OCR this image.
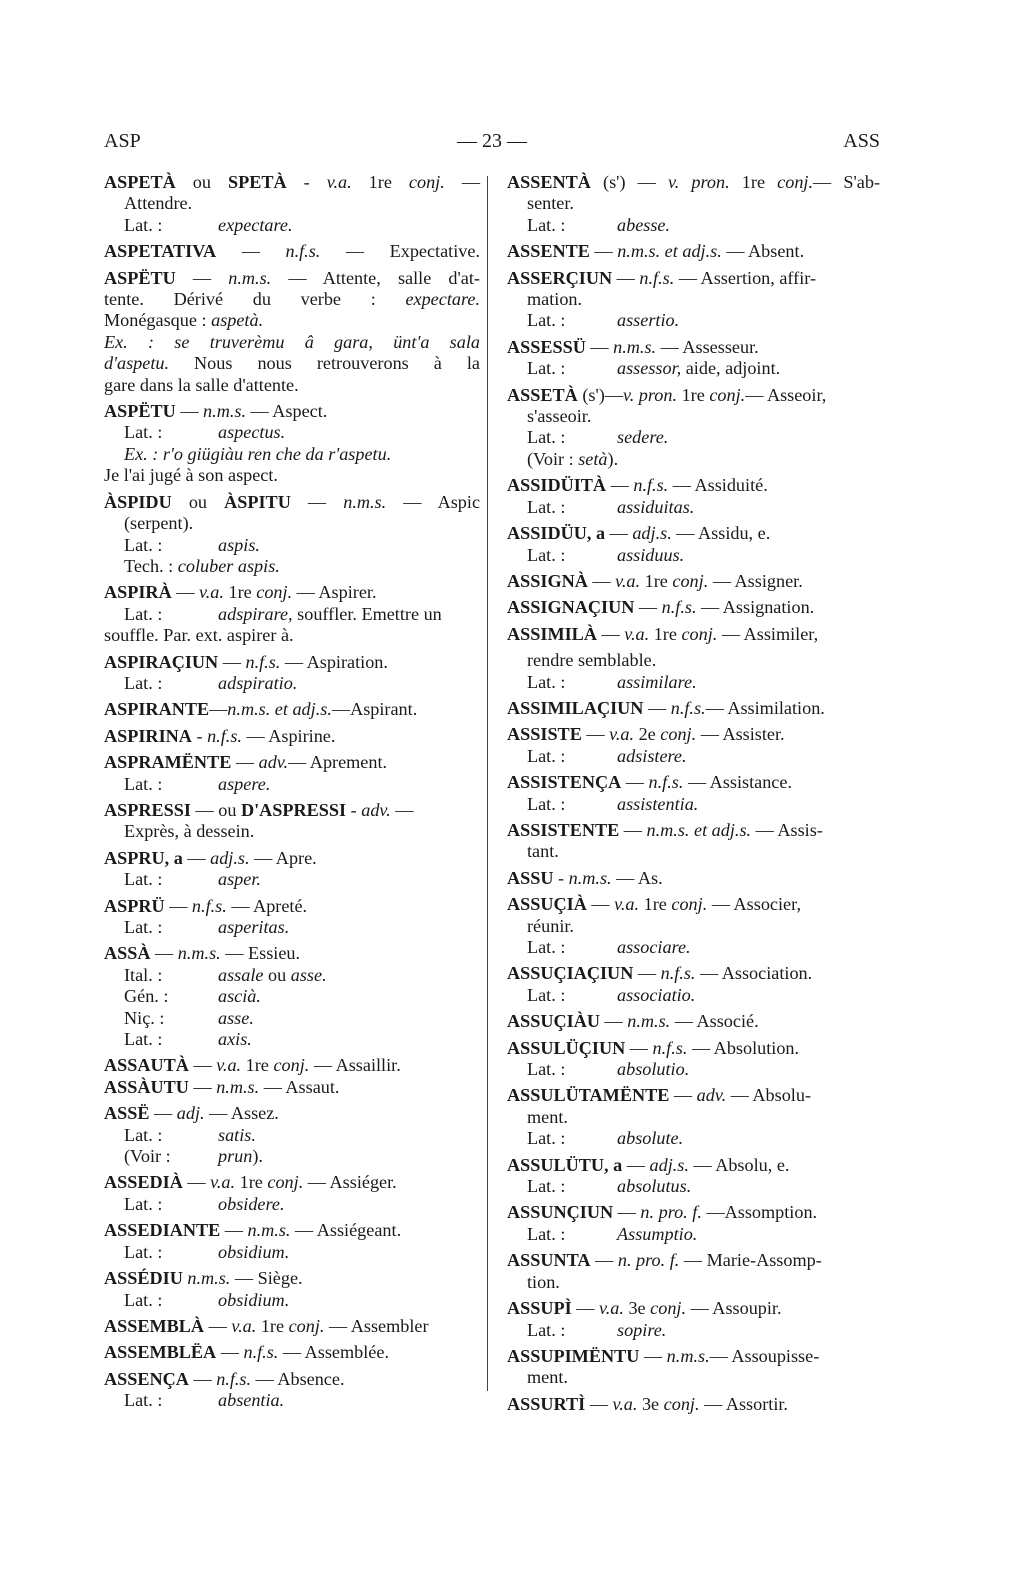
ASP	— 23 —	ASS
ASPETÀ ou SPETÀ - v.a. 1re conj. —
Attendre.
Lat. :	expectare.
ASPETATIVA — n.f.s. — Expectative.
ASPËTU — n.m.s. — Attente, salle d'at-
tente. Dérivé du verbe : expectare.
Monégasque : aspetà.
Ex. : se truverèmu â gara, ünt'a sala
d'aspetu. Nous nous retrouverons à la
gare dans la salle d'attente.
ASPËTU — n.m.s. — Aspect.
Lat. :	aspectus.
Ex. : r'o giügiàu ren che da r'aspetu.
Je l'ai jugé à son aspect.
ÀSPIDU ou ÀSPITU — n.m.s. — Aspic
(serpent).
Lat. :	aspis.
Tech. : coluber aspis.
ASPIRÀ — v.a. 1re conj. — Aspirer.
Lat. :	adspirare, souffler. Emettre un
souffle. Par. ext. aspirer à.
ASPIRAÇIUN — n.f.s. — Aspiration.
Lat. :	adspiratio.
ASPIRANTE—n.m.s. et adj.s.—Aspirant.
ASPIRINA - n.f.s. — Aspirine.
ASPRAMËNTE — adv.— Aprement.
Lat. :	aspere.
ASPRESSI — ou D'ASPRESSI - adv. —
Exprès, à dessein.
ASPRU, a — adj.s. — Apre.
Lat. :	asper.
ASPRÜ — n.f.s. — Apreté.
Lat. :	asperitas.
ASSÀ — n.m.s. — Essieu.
Ital. :	assale ou asse.
Gén. :	ascià.
Niç. :	asse.
Lat. :	axis.
ASSAUTÀ — v.a. 1re conj. — Assaillir.
ASSÀUTU — n.m.s. — Assaut.
ASSË — adj. — Assez.
Lat. :	satis.
(Voir :	prun).
ASSEDIÀ — v.a. 1re conj. — Assiéger.
Lat. :	obsidere.
ASSEDIANTE — n.m.s. — Assiégeant.
Lat. :	obsidium.
ASSÉDIU n.m.s. — Siège.
Lat. :	obsidium.
ASSEMBLÀ — v.a. 1re conj. — Assembler
ASSEMBLËA — n.f.s. — Assemblée.
ASSENÇA — n.f.s. — Absence.
Lat. :	absentia.
ASSENTÀ (s') — v. pron. 1re conj.— S'ab-
senter.
Lat. :	abesse.
ASSENTE — n.m.s. et adj.s. — Absent.
ASSERÇIUN — n.f.s. — Assertion, affir-
mation.
Lat. :	assertio.
ASSESSÜ — n.m.s. — Assesseur.
Lat. :	assessor, aide, adjoint.
ASSETÀ (s')—v. pron. 1re conj.— Asseoir,
s'asseoir.
Lat. :	sedere.
(Voir : setà).
ASSIDÜITÀ — n.f.s. — Assiduité.
Lat. :	assiduitas.
ASSIDÜU, a — adj.s. — Assidu, e.
Lat. :	assiduus.
ASSIGNÀ — v.a. 1re conj. — Assigner.
ASSIGNAÇIUN — n.f.s. — Assignation.
ASSIMILÀ — v.a. 1re conj. — Assimiler,
rendre semblable.
Lat. :	assimilare.
ASSIMILAÇIUN — n.f.s.— Assimilation.
ASSISTE — v.a. 2e conj. — Assister.
Lat. :	adsistere.
ASSISTENÇA — n.f.s. — Assistance.
Lat. :	assistentia.
ASSISTENTE — n.m.s. et adj.s. — Assis-
tant.
ASSU - n.m.s. — As.
ASSUÇIÀ — v.a. 1re conj. — Associer,
réunir.
Lat. :	associare.
ASSUÇIAÇIUN — n.f.s. — Association.
Lat. :	associatio.
ASSUÇIÀU — n.m.s. — Associé.
ASSULÜÇIUN — n.f.s. — Absolution.
Lat. :	absolutio.
ASSULÜTAMËNTE — adv. — Absolu-
ment.
Lat. :	absolute.
ASSULÜTU, a — adj.s. — Absolu, e.
Lat. :	absolutus.
ASSUNÇIUN — n. pro. f. —Assomption.
Lat. :	Assumptio.
ASSUNTA — n. pro. f. — Marie-Assomp-
tion.
ASSUPÌ — v.a. 3e conj. — Assoupir.
Lat. :	sopire.
ASSUPIMËNTU — n.m.s.— Assoupisse-
ment.
ASSURTÌ — v.a. 3e conj. — Assortir.
